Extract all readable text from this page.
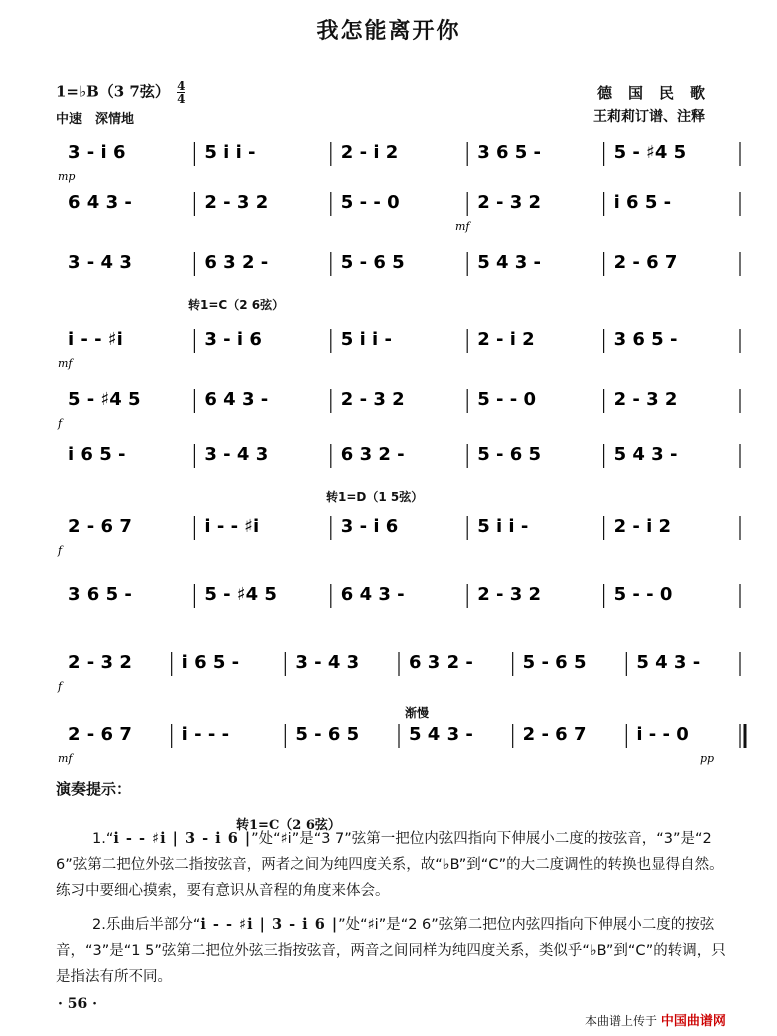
我怎能离开你
1=♭B（3 7弦） $\frac{4}{4}$
中速　深情地
德国民歌
王莉莉订谱、注释
转1=C（2 6弦）
转1=D（1 5弦）
渐慢
3 - i 6	5 i i -	2 - i 2	3 6 5 -	5 - ♯4 5
mp
6 4 3 -	2 - 3 2	5 - - 0	2 - 3 2	i 6 5 -
mf
3 - 4 3	6 3 2 -	5 - 6 5	5 4 3 -	2 - 6 7
i - - ♯i	3 - i 6	5 i i -	2 - i 2	3 6 5 -
mf
5 - ♯4 5	6 4 3 -	2 - 3 2	5 - - 0	2 - 3 2
f
i 6 5 -	3 - 4 3	6 3 2 -	5 - 6 5	5 4 3 -
2 - 6 7	i - - ♯i	3 - i 6	5 i i -	2 - i 2
f
3 6 5 -	5 - ♯4 5	6 4 3 -	2 - 3 2	5 - - 0
2 - 3 2	i 6 5 -	3 - 4 3	6 3 2 -	5 - 6 5	5 4 3 -
f
2 - 6 7	i - - -	5 - 6 5	5 4 3 -	2 - 6 7	i - - 0
mf	pp
演奏提示：
转1=C（2 6弦）
1.“i - - ♯i | 3 - i 6 |”处“♯i”是“3 7”弦第一把位内弦四指向下伸展小二度的按弦音，“3”是“2 6”弦第二把位外弦二指按弦音，两者之间为纯四度关系，故“♭B”到“C”的大二度调性的转换也显得自然。练习中要细心摸索，要有意识从音程的角度来体会。
2.乐曲后半部分“i - - ♯i | 3 - i 6 |”处“♯i”是“2 6”弦第二把位内弦四指向下伸展小二度的按弦音，“3”是“1 5”弦第二把位外弦三指按弦音，两音之间同样为纯四度关系，类似乎“♭B”到“C”的转调，只是指法有所不同。
· 56 ·
本曲谱上传于 中国曲谱网
